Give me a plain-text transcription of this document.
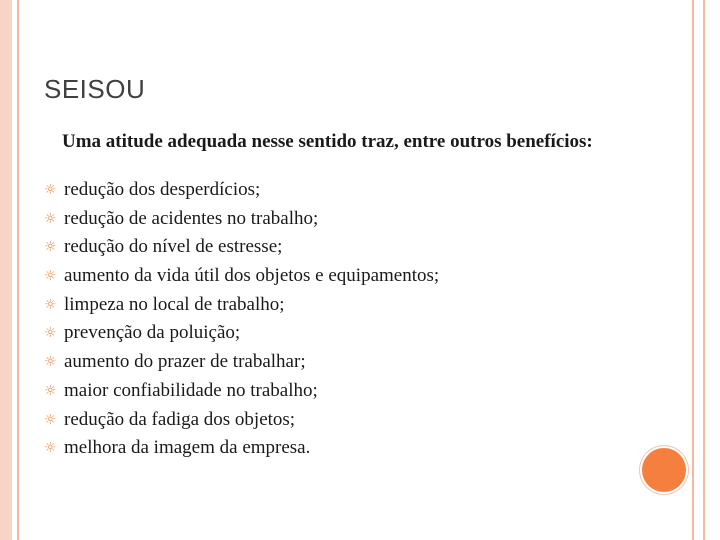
SEISOU
Uma atitude adequada nesse sentido traz, entre outros benefícios:
☼ redução dos desperdícios;
☼ redução de acidentes no trabalho;
☼ redução do nível de estresse;
☼ aumento da vida útil dos objetos e equipamentos;
☼ limpeza no local de trabalho;
☼ prevenção da poluição;
☼ aumento do prazer de trabalhar;
☼ maior confiabilidade no trabalho;
☼ redução da fadiga dos objetos;
☼ melhora da imagem da empresa.
